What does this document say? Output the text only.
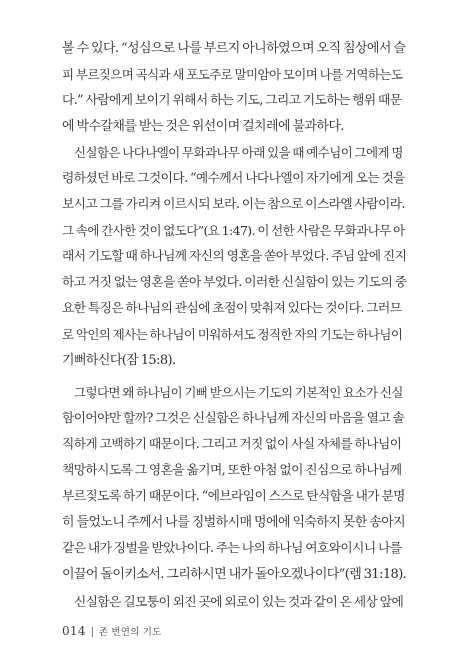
볼 수 있다. “성심으로 나를 부르지 아니하였으며 오직 침상에서 슬
피 부르짖으며 곡식과 새 포도주로 말미암아 모이며 나를 거역하는도
다.” 사람에게 보이기 위해서 하는 기도, 그리고 기도하는 행위 때문
에 박수갈채를 받는 것은 위선이며 걸치레에 불과하다.
신실함은 나다나엘이 무화과나무 아래 있을 때 예수님이 그에게 명
령하셨던 바로 그것이다. “예수께서 나다나엘이 자기에게 오는 것을
보시고 그를 가리켜 이르시되 보라. 이는 참으로 이스라엘 사람이라.
그 속에 간사한 것이 없도다”(요 1:47). 이 선한 사람은 무화과나무 아
래서 기도할 때 하나님께 자신의 영혼을 쏟아 부었다. 주님 앞에 진지
하고 거짓 없는 영혼을 쏟아 부었다. 이러한 신실함이 있는 기도의 중
요한 특징은 하나님의 관심에 초점이 맞춰져 있다는 것이다. 그러므
로 악인의 제사는 하나님이 미워하셔도 정직한 자의 기도는 하나님이
기뻐하신다(잠 15:8).
그렇다면 왜 하나님이 기뻐 받으시는 기도의 기본적인 요소가 신실
함이어야만 할까? 그것은 신실함은 하나님께 자신의 마음을 열고 솔
직하게 고백하기 때문이다. 그리고 거짓 없이 사실 자체를 하나님이
책망하시도록 그 영혼을 옮기며, 또한 아첨 없이 진심으로 하나님께
부르짖도록 하기 때문이다. “에브라임이 스스로 탄식함을 내가 분명
히 들었노니 주께서 나를 징벌하시매 멍에에 익숙하지 못한 송아지
같은 내가 징벌을 받았나이다. 주는 나의 하나님 여호와이시니 나를
이끌어 돌이키소서. 그리하시면 내가 돌아오겠나이다”(렘 31:18).
신실함은 길모퉁이 외진 곳에 외로이 있는 것과 같이 온 세상 앞에
014 존 번연의 기도
